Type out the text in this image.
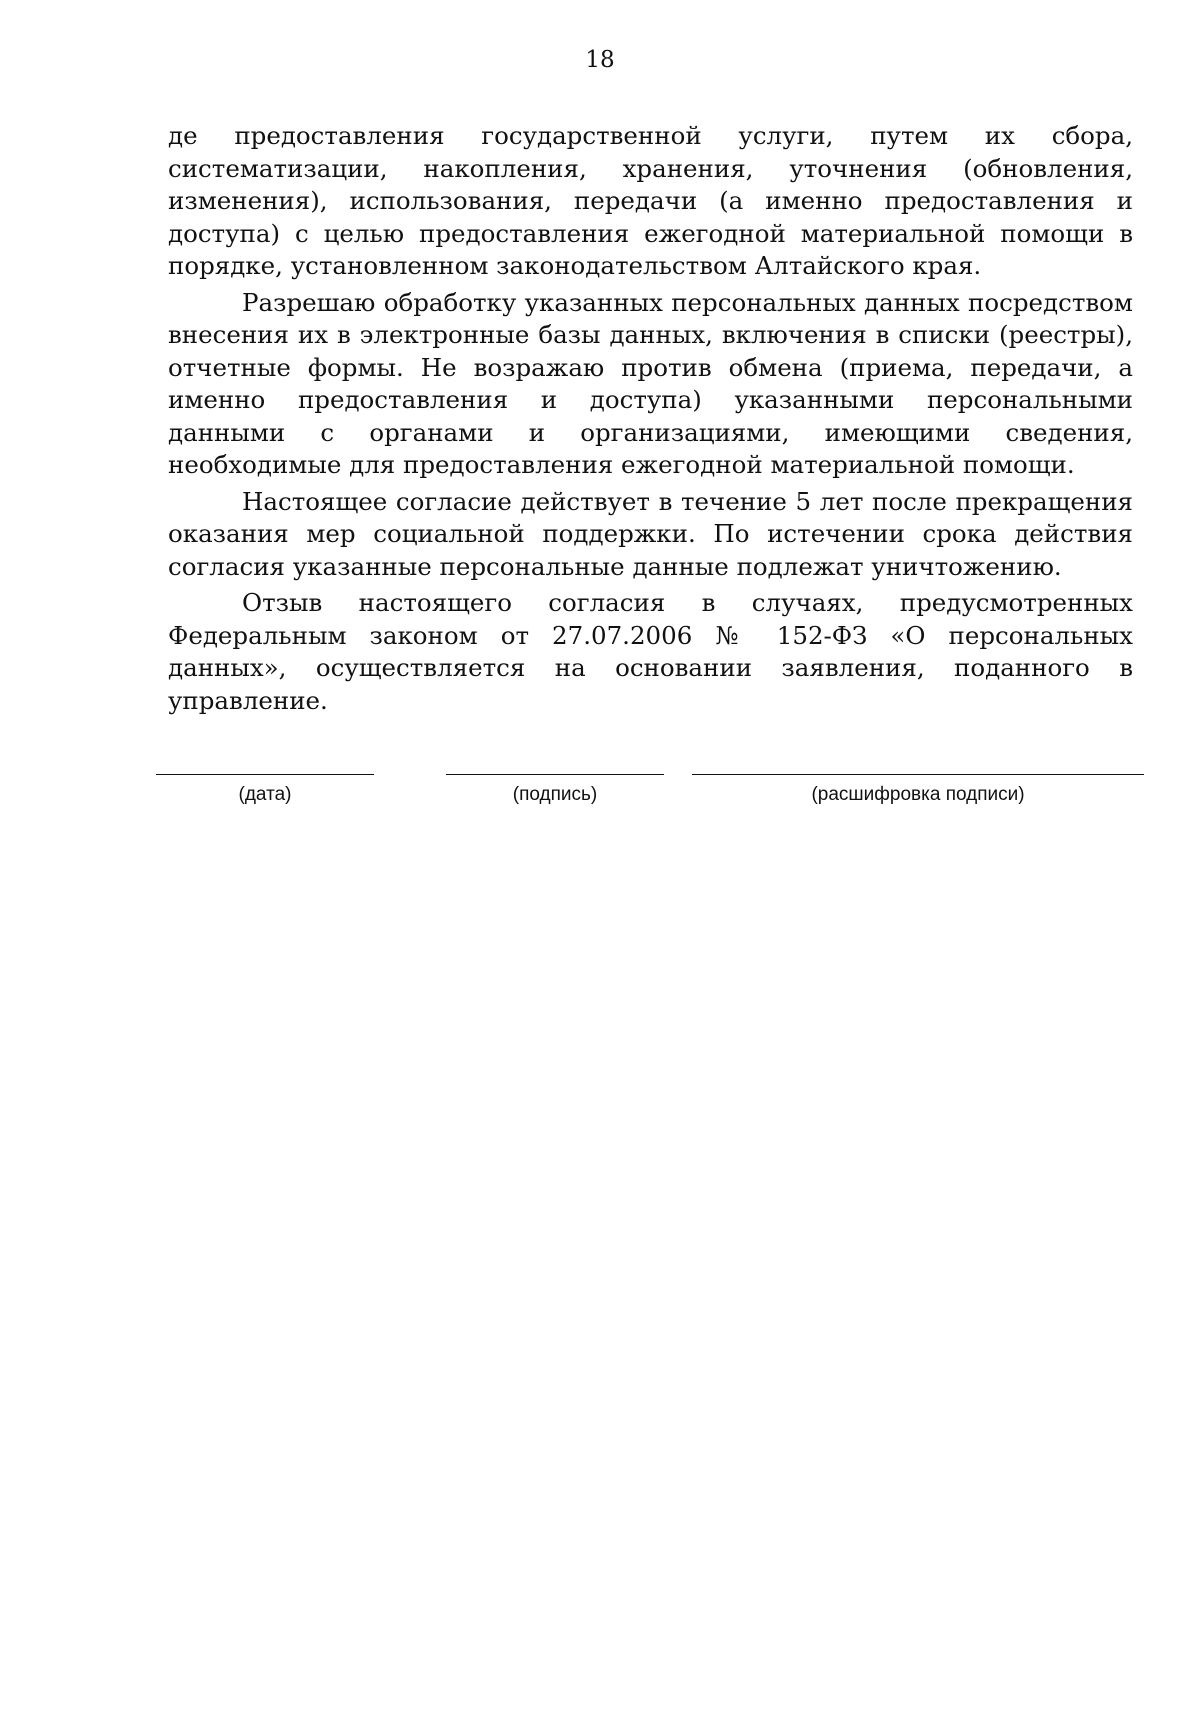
18

де предоставления государственной услуги, путем их сбора, систематизации, накопления, хранения, уточнения (обновления, изменения), использования, передачи (а именно предоставления и доступа) с целью предоставления ежегодной материальной помощи в порядке, установленном законодательством Алтайского края.

Разрешаю обработку указанных персональных данных посредством внесения их в электронные базы данных, включения в списки (реестры), отчетные формы. Не возражаю против обмена (приема, передачи, а именно предоставления и доступа) указанными персональными данными с органами и организациями, имеющими сведения, необходимые для предоставления ежегодной материальной помощи.

Настоящее согласие действует в течение 5 лет после прекращения оказания мер социальной поддержки. По истечении срока действия согласия указанные персональные данные подлежат уничтожению.

Отзыв настоящего согласия в случаях, предусмотренных Федеральным законом от 27.07.2006 № 152-ФЗ «О персональных данных», осуществляется на основании заявления, поданного в управление.

(дата)	(подпись)	(расшифровка подписи)
